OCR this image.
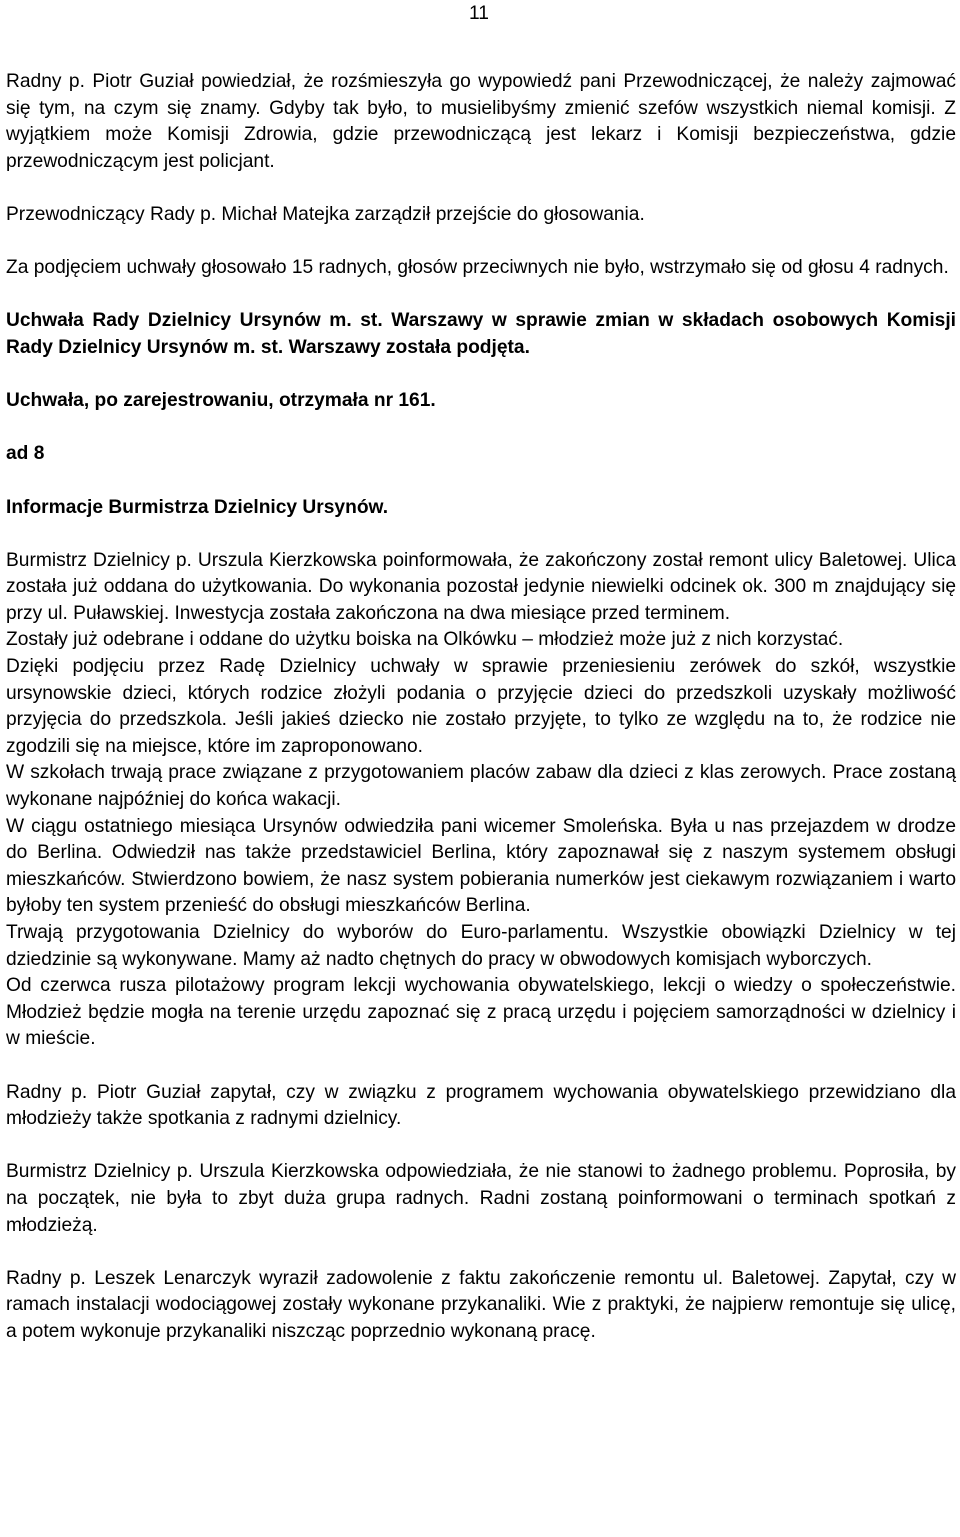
11

Radny p. Piotr Guział powiedział, że rozśmieszyła go wypowiedź pani Przewodniczącej, że należy zajmować się tym, na czym się znamy. Gdyby tak było, to musielibyśmy zmienić szefów wszystkich niemal komisji. Z wyjątkiem może Komisji Zdrowia, gdzie przewodniczącą jest lekarz i Komisji bezpieczeństwa, gdzie przewodniczącym jest policjant.

Przewodniczący Rady p. Michał Matejka zarządził przejście do głosowania.

Za podjęciem uchwały głosowało 15 radnych, głosów przeciwnych nie było, wstrzymało się od głosu 4 radnych.

Uchwała Rady Dzielnicy Ursynów m. st. Warszawy w sprawie zmian w składach osobowych Komisji Rady Dzielnicy Ursynów m. st. Warszawy została podjęta.

Uchwała, po zarejestrowaniu, otrzymała nr 161.

ad 8

Informacje Burmistrza Dzielnicy Ursynów.

Burmistrz Dzielnicy p. Urszula Kierzkowska poinformowała, że zakończony został remont ulicy Baletowej. Ulica została już oddana do użytkowania. Do wykonania pozostał jedynie niewielki odcinek ok. 300 m znajdujący się przy ul. Puławskiej. Inwestycja została zakończona na dwa miesiące przed terminem.

Zostały już odebrane i oddane do użytku boiska na Olkówku – młodzież może już z nich korzystać.

Dzięki podjęciu przez Radę Dzielnicy uchwały w sprawie przeniesieniu zerówek do szkół, wszystkie ursynowskie dzieci, których rodzice złożyli podania o przyjęcie dzieci do przedszkoli uzyskały możliwość przyjęcia do przedszkola. Jeśli jakieś dziecko nie zostało przyjęte, to tylko ze względu na to, że rodzice nie zgodzili się na miejsce, które im zaproponowano.

W szkołach trwają prace związane z przygotowaniem placów zabaw dla dzieci z klas zerowych. Prace zostaną wykonane najpóźniej do końca wakacji.

W ciągu ostatniego miesiąca Ursynów odwiedziła pani wicemer Smoleńska. Była u nas przejazdem w drodze do Berlina. Odwiedził nas także przedstawiciel Berlina, który zapoznawał się z naszym systemem obsługi mieszkańców. Stwierdzono bowiem, że nasz system pobierania numerków jest ciekawym rozwiązaniem i warto byłoby ten system przenieść do obsługi mieszkańców Berlina.

Trwają przygotowania Dzielnicy do wyborów do Euro-parlamentu. Wszystkie obowiązki Dzielnicy w tej dziedzinie są wykonywane. Mamy aż nadto chętnych do pracy w obwodowych komisjach wyborczych.

Od czerwca rusza pilotażowy program lekcji wychowania obywatelskiego, lekcji o wiedzy o społeczeństwie. Młodzież będzie mogła na terenie urzędu zapoznać się z pracą urzędu i pojęciem samorządności w dzielnicy i w mieście.

Radny p. Piotr Guział zapytał, czy w związku z programem wychowania obywatelskiego przewidziano dla młodzieży także spotkania z radnymi dzielnicy.

Burmistrz Dzielnicy p. Urszula Kierzkowska odpowiedziała, że nie stanowi to żadnego problemu. Poprosiła, by na początek, nie była to zbyt duża grupa radnych. Radni zostaną poinformowani o terminach spotkań z młodzieżą.

Radny p. Leszek Lenarczyk wyraził zadowolenie z faktu zakończenie remontu ul. Baletowej. Zapytał, czy w ramach instalacji wodociągowej zostały wykonane przykanaliki. Wie z praktyki, że najpierw remontuje się ulicę, a potem wykonuje przykanaliki niszcząc poprzednio wykonaną pracę.
